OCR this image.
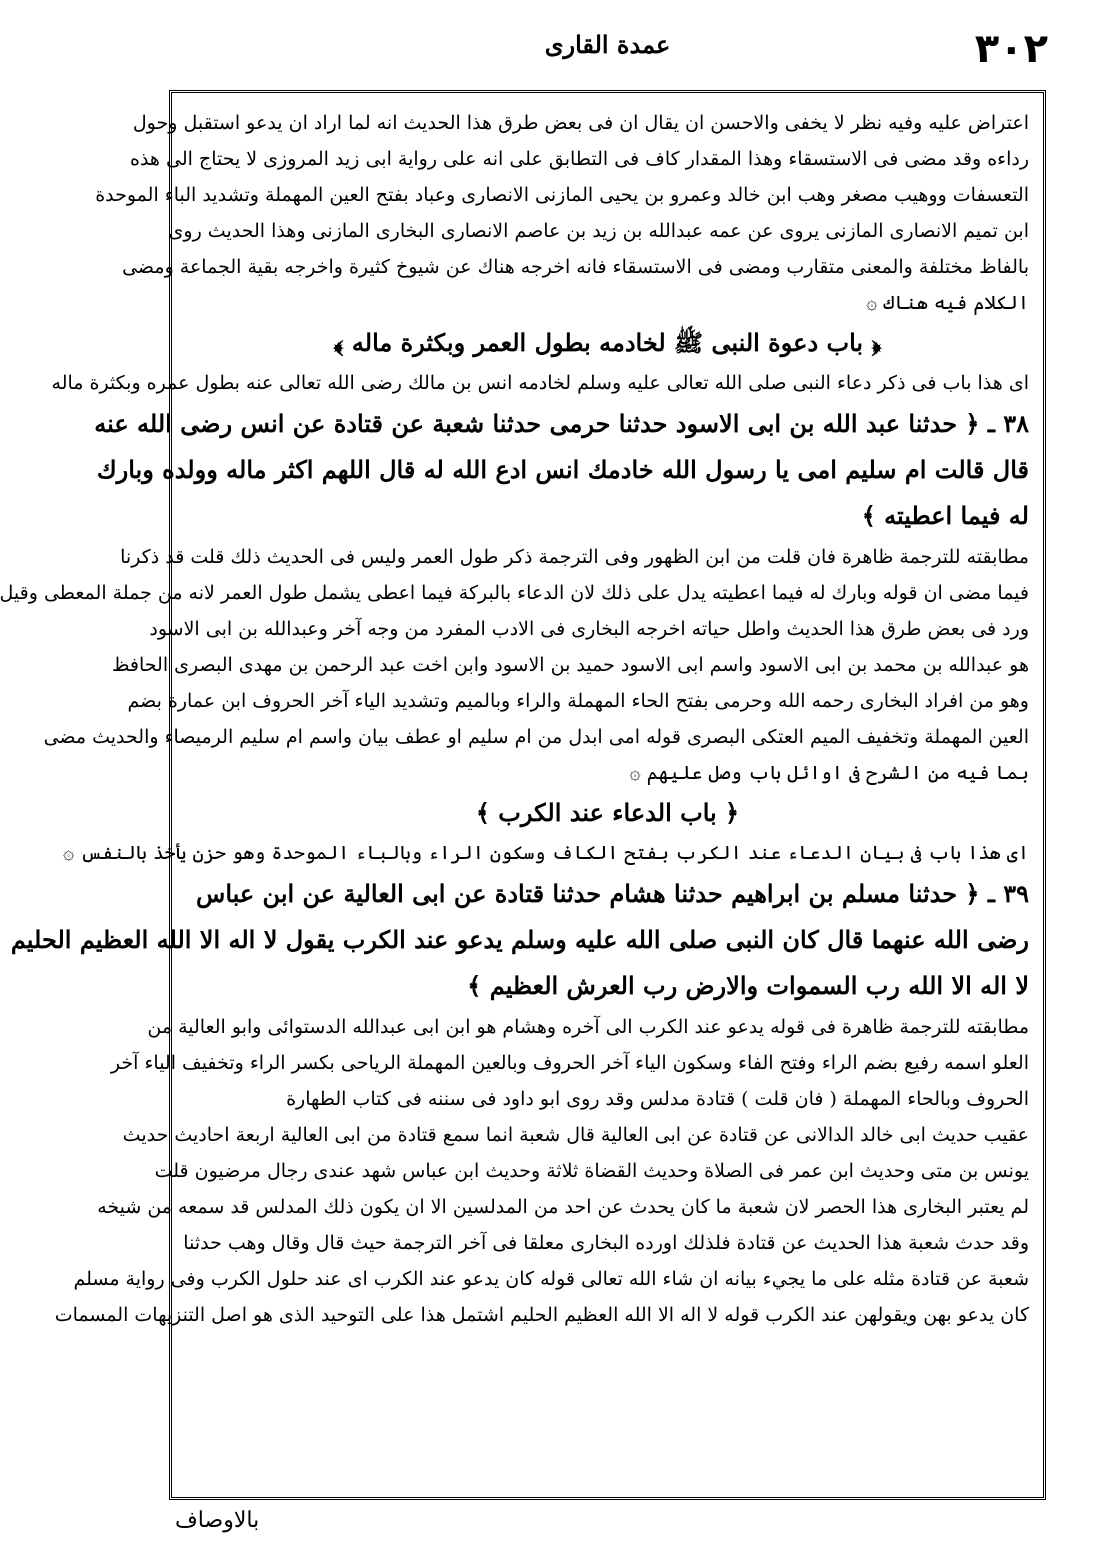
٣٠٢
عمدة القارى
اعتراض عليه وفيه نظر لا يخفى والاحسن ان يقال ان فى بعض طرق هذا الحديث انه لما اراد ان يدعو استقبل وحول
رداءه وقد مضى فى الاستسقاء وهذا المقدار كاف فى التطابق على انه على رواية ابى زيد المروزى لا يحتاج الى هذه
التعسفات ووهيب مصغر وهب ابن خالد وعمرو بن يحيى المازنى الانصارى وعباد بفتح العين المهملة وتشديد الباء الموحدة
ابن تميم الانصارى المازنى يروى عن عمه عبدالله بن زيد بن عاصم الانصارى البخارى المازنى وهذا الحديث روى
بالفاظ مختلفة والمعنى متقارب ومضى فى الاستسقاء فانه اخرجه هناك عن شيوخ كثيرة واخرجه بقية الجماعة ومضى
الكلام فيه هناك ۞
﴿ باب دعوة النبى ﷺ لخادمه بطول العمر وبكثرة ماله ﴾
اى هذا باب فى ذكر دعاء النبى صلى الله تعالى عليه وسلم لخادمه انس بن مالك رضى الله تعالى عنه بطول عمره وبكثرة ماله
٣٨ ـ ﴿ حدثنا عبد الله بن ابى الاسود حدثنا حرمى حدثنا شعبة عن قتادة عن انس رضى الله عنه
قال قالت ام سليم امى يا رسول الله خادمك انس ادع الله له قال اللهم اكثر ماله وولده وبارك
له فيما اعطيته ﴾
مطابقته للترجمة ظاهرة فان قلت من ابن الظهور وفى الترجمة ذكر طول العمر وليس فى الحديث ذلك قلت قد ذكرنا
فيما مضى ان قوله وبارك له فيما اعطيته يدل على ذلك لان الدعاء بالبركة فيما اعطى يشمل طول العمر لانه من جملة المعطى وقيل
ورد فى بعض طرق هذا الحديث واطل حياته اخرجه البخارى فى الادب المفرد من وجه آخر وعبدالله بن ابى الاسود
هو عبدالله بن محمد بن ابى الاسود واسم ابى الاسود حميد بن الاسود وابن اخت عبد الرحمن بن مهدى البصرى الحافظ
وهو من افراد البخارى رحمه الله وحرمى بفتح الحاء المهملة والراء وبالميم وتشديد الياء آخر الحروف ابن عمارة بضم
العين المهملة وتخفيف الميم العتكى البصرى قوله امى ابدل من ام سليم او عطف بيان واسم ام سليم الرميصاء والحديث مضى
بما فيه من الشرح فى اوائل باب وصل عليهم ۞
﴿ باب الدعاء عند الكرب ﴾
اى هذا باب فى بيان الدعاء عند الكرب بفتح الكاف وسكون الراء وبالباء الموحدة وهو حزن يأخذ بالنفس ۞
٣٩ ـ ﴿ حدثنا مسلم بن ابراهيم حدثنا هشام حدثنا قتادة عن ابى العالية عن ابن عباس
رضى الله عنهما قال كان النبى صلى الله عليه وسلم يدعو عند الكرب يقول لا اله الا الله العظيم الحليم
لا اله الا الله رب السموات والارض رب العرش العظيم ﴾
مطابقته للترجمة ظاهرة فى قوله يدعو عند الكرب الى آخره وهشام هو ابن ابى عبدالله الدستوائى وابو العالية من
العلو اسمه رفيع بضم الراء وفتح الفاء وسكون الياء آخر الحروف وبالعين المهملة الرياحى بكسر الراء وتخفيف الياء آخر
الحروف وبالحاء المهملة ( فان قلت ) قتادة مدلس وقد روى ابو داود فى سننه فى كتاب الطهارة
عقيب حديث ابى خالد الدالانى عن قتادة عن ابى العالية قال شعبة انما سمع قتادة من ابى العالية اربعة احاديث حديث
يونس بن متى وحديث ابن عمر فى الصلاة وحديث القضاة ثلاثة وحديث ابن عباس شهد عندى رجال مرضيون قلت
لم يعتبر البخارى هذا الحصر لان شعبة ما كان يحدث عن احد من المدلسين الا ان يكون ذلك المدلس قد سمعه من شيخه
وقد حدث شعبة هذا الحديث عن قتادة فلذلك اورده البخارى معلقا فى آخر الترجمة حيث قال وقال وهب حدثنا
شعبة عن قتادة مثله على ما يجيء بيانه ان شاء الله تعالى قوله كان يدعو عند الكرب اى عند حلول الكرب وفى رواية مسلم
كان يدعو بهن ويقولهن عند الكرب قوله لا اله الا الله العظيم الحليم اشتمل هذا على التوحيد الذى هو اصل التنزيهات المسمات
بالاوصاف
